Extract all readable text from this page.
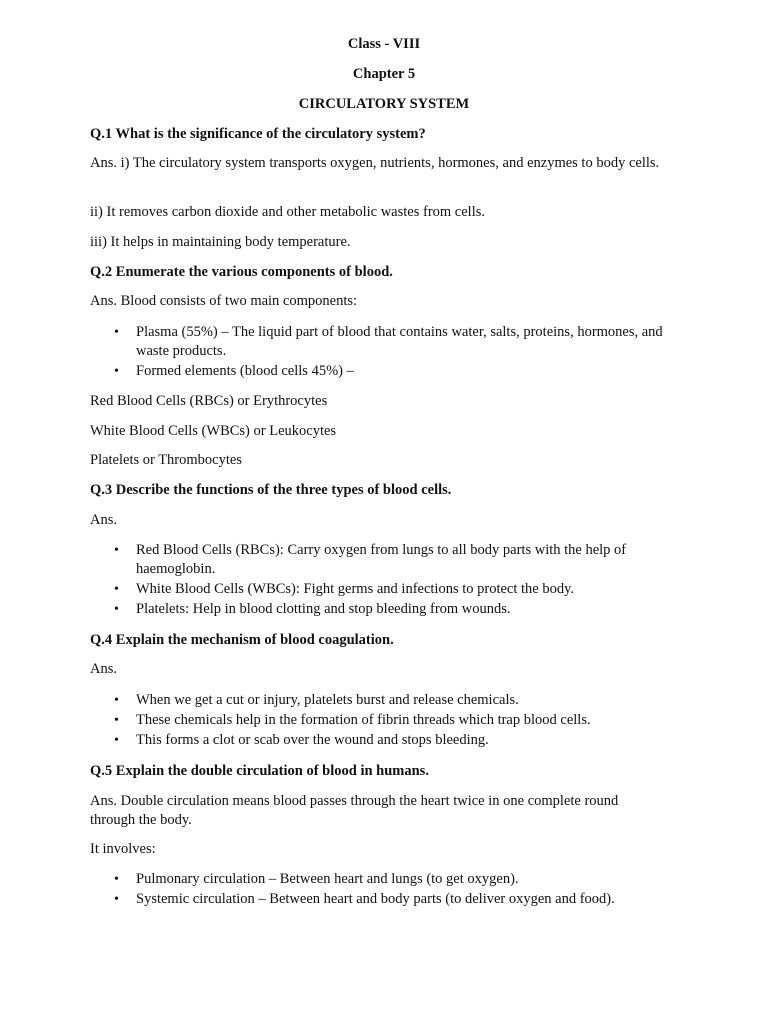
Class - VIII
Chapter 5
CIRCULATORY SYSTEM
Q.1 What is the significance of the circulatory system?
Ans. i) The circulatory system transports oxygen, nutrients, hormones, and enzymes to body cells.
ii) It removes carbon dioxide and other metabolic wastes from cells.
iii) It helps in maintaining body temperature.
Q.2 Enumerate the various components of blood.
Ans. Blood consists of two main components:
• Plasma (55%) – The liquid part of blood that contains water, salts, proteins, hormones, and waste products.
• Formed elements (blood cells 45%) –
Red Blood Cells (RBCs) or Erythrocytes
White Blood Cells (WBCs) or Leukocytes
Platelets or Thrombocytes
Q.3 Describe the functions of the three types of blood cells.
Ans.
• Red Blood Cells (RBCs): Carry oxygen from lungs to all body parts with the help of haemoglobin.
• White Blood Cells (WBCs): Fight germs and infections to protect the body.
• Platelets: Help in blood clotting and stop bleeding from wounds.
Q.4 Explain the mechanism of blood coagulation.
Ans.
• When we get a cut or injury, platelets burst and release chemicals.
• These chemicals help in the formation of fibrin threads which trap blood cells.
• This forms a clot or scab over the wound and stops bleeding.
Q.5 Explain the double circulation of blood in humans.
Ans. Double circulation means blood passes through the heart twice in one complete round through the body.
It involves:
• Pulmonary circulation – Between heart and lungs (to get oxygen).
• Systemic circulation – Between heart and body parts (to deliver oxygen and food).
